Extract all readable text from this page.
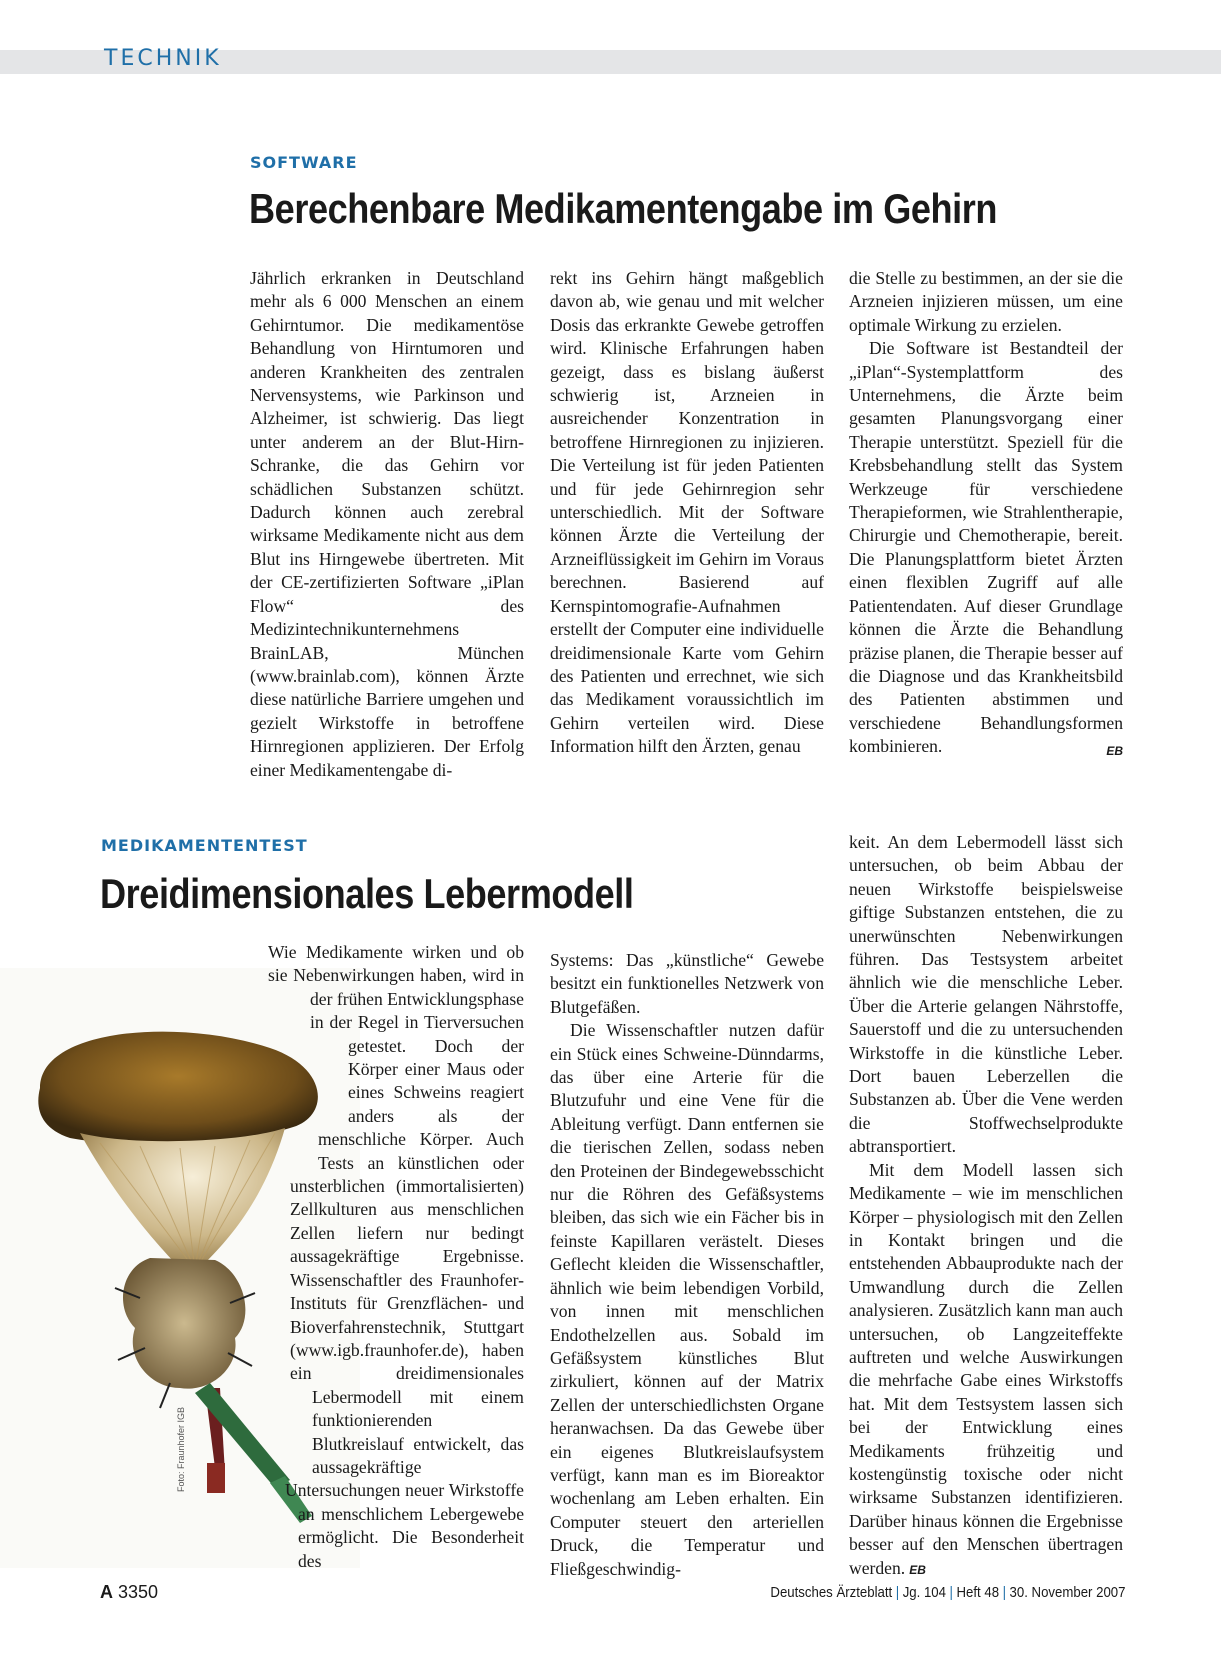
TECHNIK
SOFTWARE
Berechenbare Medikamentengabe im Gehirn

Jährlich erkranken in Deutschland mehr als 6 000 Menschen an einem Gehirntumor. Die medikamentöse Behandlung von Hirntumoren und anderen Krankheiten des zentralen Nervensystems, wie Parkinson und Alzheimer, ist schwierig. Das liegt unter anderem an der Blut-Hirn-Schranke, die das Gehirn vor schädlichen Substanzen schützt. Dadurch können auch zerebral wirksame Medikamente nicht aus dem Blut ins Hirngewebe übertreten. Mit der CE-zertifizierten Software „iPlan Flow“ des Medizintechnikunternehmens BrainLAB, München (www.brainlab.com), können Ärzte diese natürliche Barriere umgehen und gezielt Wirkstoffe in betroffene Hirnregionen applizieren. Der Erfolg einer Medikamentengabe di-

rekt ins Gehirn hängt maßgeblich davon ab, wie genau und mit welcher Dosis das erkrankte Gewebe getroffen wird. Klinische Erfahrungen haben gezeigt, dass es bislang äußerst schwierig ist, Arzneien in ausreichender Konzentration in betroffene Hirnregionen zu injizieren. Die Verteilung ist für jeden Patienten und für jede Gehirnregion sehr unterschiedlich. Mit der Software können Ärzte die Verteilung der Arzneiflüssigkeit im Gehirn im Voraus berechnen. Basierend auf Kernspintomografie-Aufnahmen erstellt der Computer eine individuelle dreidimensionale Karte vom Gehirn des Patienten und errechnet, wie sich das Medikament voraussichtlich im Gehirn verteilen wird. Diese Information hilft den Ärzten, genau

die Stelle zu bestimmen, an der sie die Arzneien injizieren müssen, um eine optimale Wirkung zu erzielen.

Die Software ist Bestandteil der „iPlan“-Systemplattform des Unternehmens, die Ärzte beim gesamten Planungsvorgang einer Therapie unterstützt. Speziell für die Krebsbehandlung stellt das System Werkzeuge für verschiedene Therapieformen, wie Strahlentherapie, Chirurgie und Chemotherapie, bereit. Die Planungsplattform bietet Ärzten einen flexiblen Zugriff auf alle Patientendaten. Auf dieser Grundlage können die Ärzte die Behandlung präzise planen, die Therapie besser auf die Diagnose und das Krankheitsbild des Patienten abstimmen und verschiedene Behandlungsformen kombinieren.	EB

MEDIKAMENTENTEST
Dreidimensionales Lebermodell
Foto: Fraunhofer IGB

Wie Medikamente wirken und ob sie Nebenwirkungen haben, wird in der frühen Entwicklungsphase in der Regel in Tierversuchen getestet. Doch der Körper einer Maus oder eines Schweins reagiert anders als der menschliche Körper. Auch Tests an künstlichen oder unsterblichen (immortalisierten) Zellkulturen aus menschlichen Zellen liefern nur bedingt aussagekräftige Ergebnisse. Wissenschaftler des Fraunhofer-Instituts für Grenzflächen- und Bioverfahrenstechnik, Stuttgart (www.igb.fraunhofer.de), haben ein dreidimensionales Lebermodell mit einem funktionierenden Blutkreislauf entwickelt, das aussagekräftige Untersuchungen neuer Wirkstoffe an menschlichem Lebergewebe ermöglicht. Die Besonderheit des

Systems: Das „künstliche“ Gewebe besitzt ein funktionelles Netzwerk von Blutgefäßen.

Die Wissenschaftler nutzen dafür ein Stück eines Schweine-Dünndarms, das über eine Arterie für die Blutzufuhr und eine Vene für die Ableitung verfügt. Dann entfernen sie die tierischen Zellen, sodass neben den Proteinen der Bindegewebsschicht nur die Röhren des Gefäßsystems bleiben, das sich wie ein Fächer bis in feinste Kapillaren verästelt. Dieses Geflecht kleiden die Wissenschaftler, ähnlich wie beim lebendigen Vorbild, von innen mit menschlichen Endothelzellen aus. Sobald im Gefäßsystem künstliches Blut zirkuliert, können auf der Matrix Zellen der unterschiedlichsten Organe heranwachsen. Da das Gewebe über ein eigenes Blutkreislaufsystem verfügt, kann man es im Bioreaktor wochenlang am Leben erhalten. Ein Computer steuert den arteriellen Druck, die Temperatur und Fließgeschwindig-

keit. An dem Lebermodell lässt sich untersuchen, ob beim Abbau der neuen Wirkstoffe beispielsweise giftige Substanzen entstehen, die zu unerwünschten Nebenwirkungen führen. Das Testsystem arbeitet ähnlich wie die menschliche Leber. Über die Arterie gelangen Nährstoffe, Sauerstoff und die zu untersuchenden Wirkstoffe in die künstliche Leber. Dort bauen Leberzellen die Substanzen ab. Über die Vene werden die Stoffwechselprodukte abtransportiert.

Mit dem Modell lassen sich Medikamente – wie im menschlichen Körper – physiologisch mit den Zellen in Kontakt bringen und die entstehenden Abbauprodukte nach der Umwandlung durch die Zellen analysieren. Zusätzlich kann man auch untersuchen, ob Langzeiteffekte auftreten und welche Auswirkungen die mehrfache Gabe eines Wirkstoffs hat. Mit dem Testsystem lassen sich bei der Entwicklung eines Medikaments frühzeitig und kostengünstig toxische oder nicht wirksame Substanzen identifizieren. Darüber hinaus können die Ergebnisse besser auf den Menschen übertragen werden. EB

A 3350	Deutsches Ärzteblatt | Jg. 104 | Heft 48 | 30. November 2007
